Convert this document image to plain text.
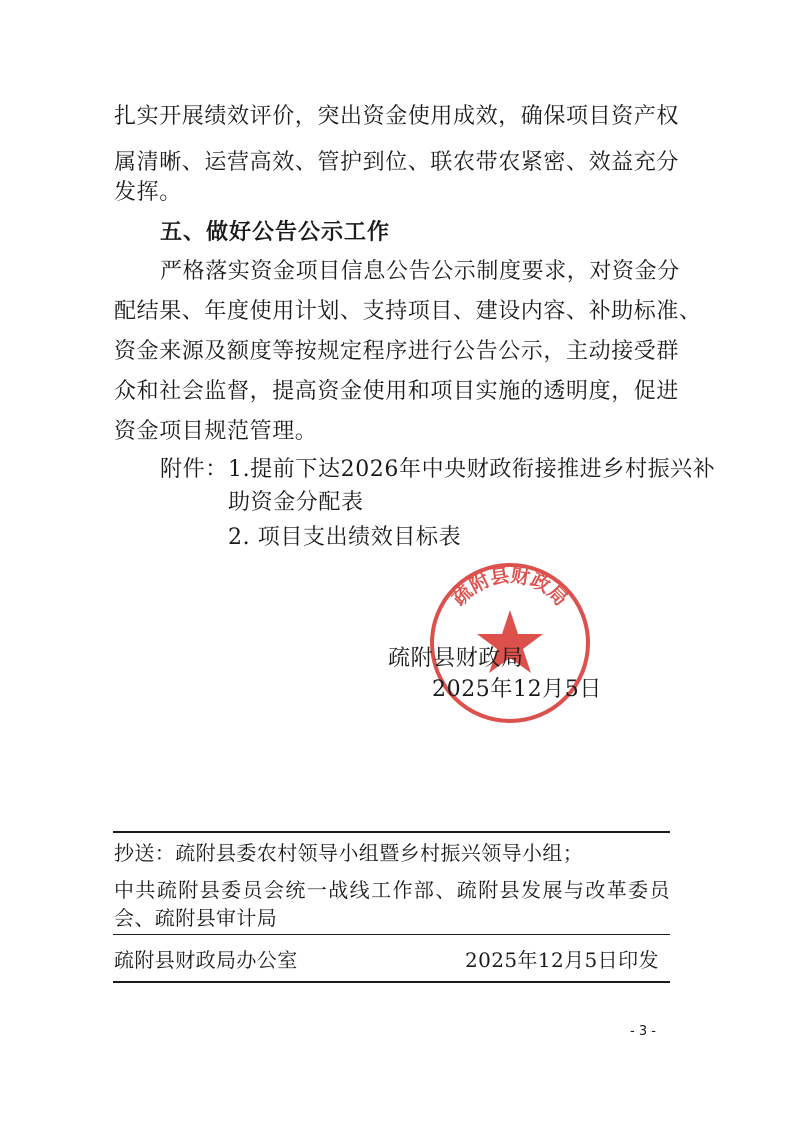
扎实开展绩效评价，突出资金使用成效，确保项目资产权
属清晰、运营高效、管护到位、联农带农紧密、效益充分
发挥。
五、做好公告公示工作
严格落实资金项目信息公告公示制度要求，对资金分
配结果、年度使用计划、支持项目、建设内容、补助标准、
资金来源及额度等按规定程序进行公告公示，主动接受群
众和社会监督，提高资金使用和项目实施的透明度，促进
资金项目规范管理。
附件： 1.提前下达2026年中央财政衔接推进乡村振兴补
助资金分配表
2. 项目支出绩效目标表
疏附县财政局
疏附县财政局
2025年12月5日
抄送：疏附县委农村领导小组暨乡村振兴领导小组；
中共疏附县委员会统一战线工作部、疏附县发展与改革委员
会、疏附县审计局
疏附县财政局办公室	2025年12月5日印发
- 3 -
